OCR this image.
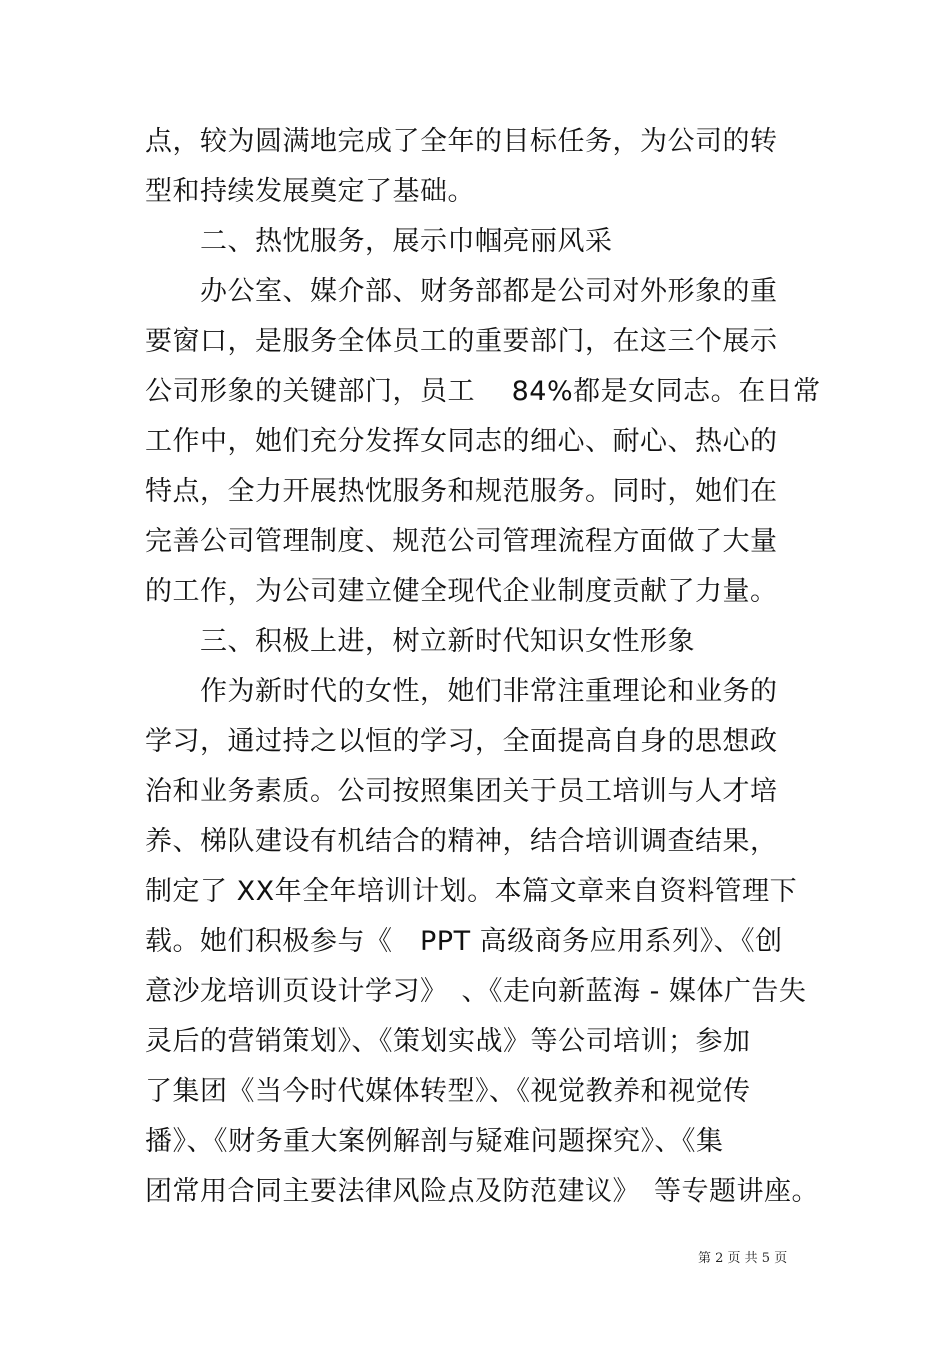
点，较为圆满地完成了全年的目标任务，为公司的转
型和持续发展奠定了基础。
二、热忱服务，展示巾帼亮丽风采
办公室、媒介部、财务部都是公司对外形象的重
要窗口，是服务全体员工的重要部门，在这三个展示
公司形象的关键部门，员工　 84%都是女同志。在日常
工作中，她们充分发挥女同志的细心、耐心、热心的
特点，全力开展热忱服务和规范服务。同时，她们在
完善公司管理制度、规范公司管理流程方面做了大量
的工作，为公司建立健全现代企业制度贡献了力量。
三、积极上进，树立新时代知识女性形象
作为新时代的女性，她们非常注重理论和业务的
学习，通过持之以恒的学习，全面提高自身的思想政
治和业务素质。公司按照集团关于员工培训与人才培
养、梯队建设有机结合的精神，结合培训调查结果，
制定了 XX年全年培训计划。本篇文章来自资料管理下
载。她们积极参与《　PPT 高级商务应用系列》、《创
意沙龙培训页设计学习》　、《走向新蓝海 - 媒体广告失
灵后的营销策划》、《策划实战》等公司培训；参加
了集团《当今时代媒体转型》、《视觉教养和视觉传
播》、《财务重大案例解剖与疑难问题探究》、《集
团常用合同主要法律风险点及防范建议》　等专题讲座。
第 2 页 共 5 页
